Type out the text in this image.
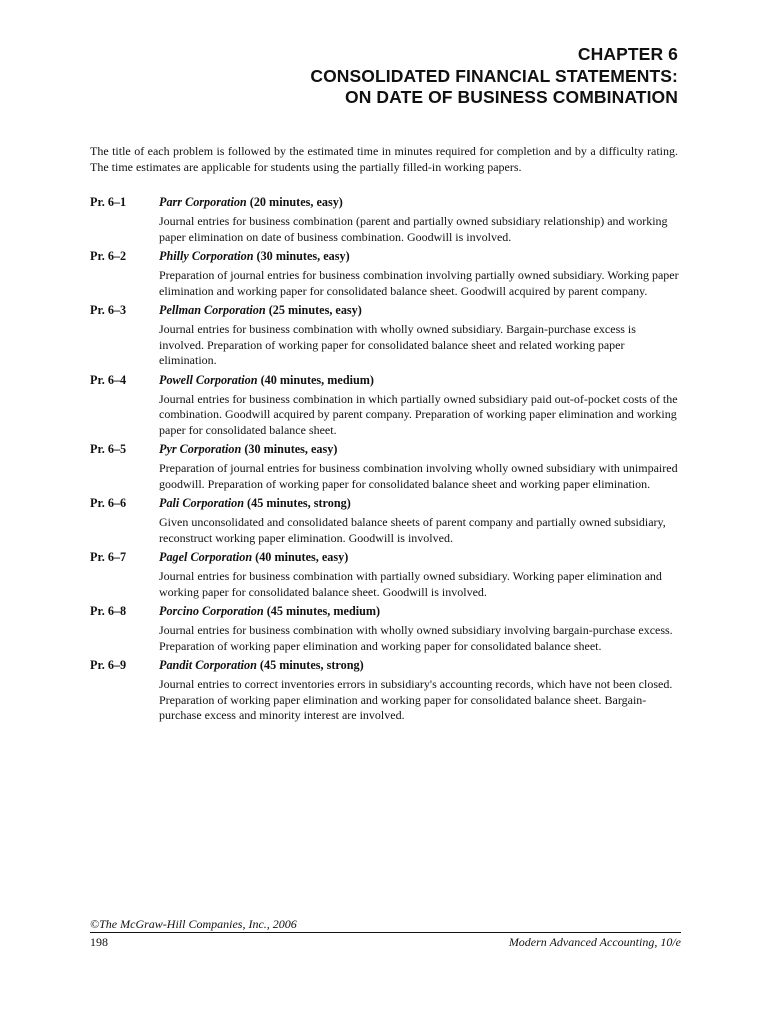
CHAPTER 6
CONSOLIDATED FINANCIAL STATEMENTS:
ON DATE OF BUSINESS COMBINATION

The title of each problem is followed by the estimated time in minutes required for completion and by a difficulty rating. The time estimates are applicable for students using the partially filled-in working papers.

Pr. 6–1	Parr Corporation (20 minutes, easy)
Journal entries for business combination (parent and partially owned subsidiary relationship) and working paper elimination on date of business combination. Goodwill is involved.
Pr. 6–2	Philly Corporation (30 minutes, easy)
Preparation of journal entries for business combination involving partially owned subsidiary. Working paper elimination and working paper for consolidated balance sheet. Goodwill acquired by parent company.
Pr. 6–3	Pellman Corporation (25 minutes, easy)
Journal entries for business combination with wholly owned subsidiary. Bargain-purchase excess is involved. Preparation of working paper for consolidated balance sheet and related working paper elimination.
Pr. 6–4	Powell Corporation (40 minutes, medium)
Journal entries for business combination in which partially owned subsidiary paid out-of-pocket costs of the combination. Goodwill acquired by parent company. Preparation of working paper elimination and working paper for consolidated balance sheet.
Pr. 6–5	Pyr Corporation (30 minutes, easy)
Preparation of journal entries for business combination involving wholly owned subsidiary with unimpaired goodwill. Preparation of working paper for consolidated balance sheet and working paper elimination.
Pr. 6–6	Pali Corporation (45 minutes, strong)
Given unconsolidated and consolidated balance sheets of parent company and partially owned subsidiary, reconstruct working paper elimination. Goodwill is involved.
Pr. 6–7	Pagel Corporation (40 minutes, easy)
Journal entries for business combination with partially owned subsidiary. Working paper elimination and working paper for consolidated balance sheet. Goodwill is involved.
Pr. 6–8	Porcino Corporation (45 minutes, medium)
Journal entries for business combination with wholly owned subsidiary involving bargain-purchase excess. Preparation of working paper elimination and working paper for consolidated balance sheet.
Pr. 6–9	Pandit Corporation (45 minutes, strong)
Journal entries to correct inventories errors in subsidiary's accounting records, which have not been closed. Preparation of working paper elimination and working paper for consolidated balance sheet. Bargain-purchase excess and minority interest are involved.
©The McGraw-Hill Companies, Inc., 2006
198	Modern Advanced Accounting, 10/e
